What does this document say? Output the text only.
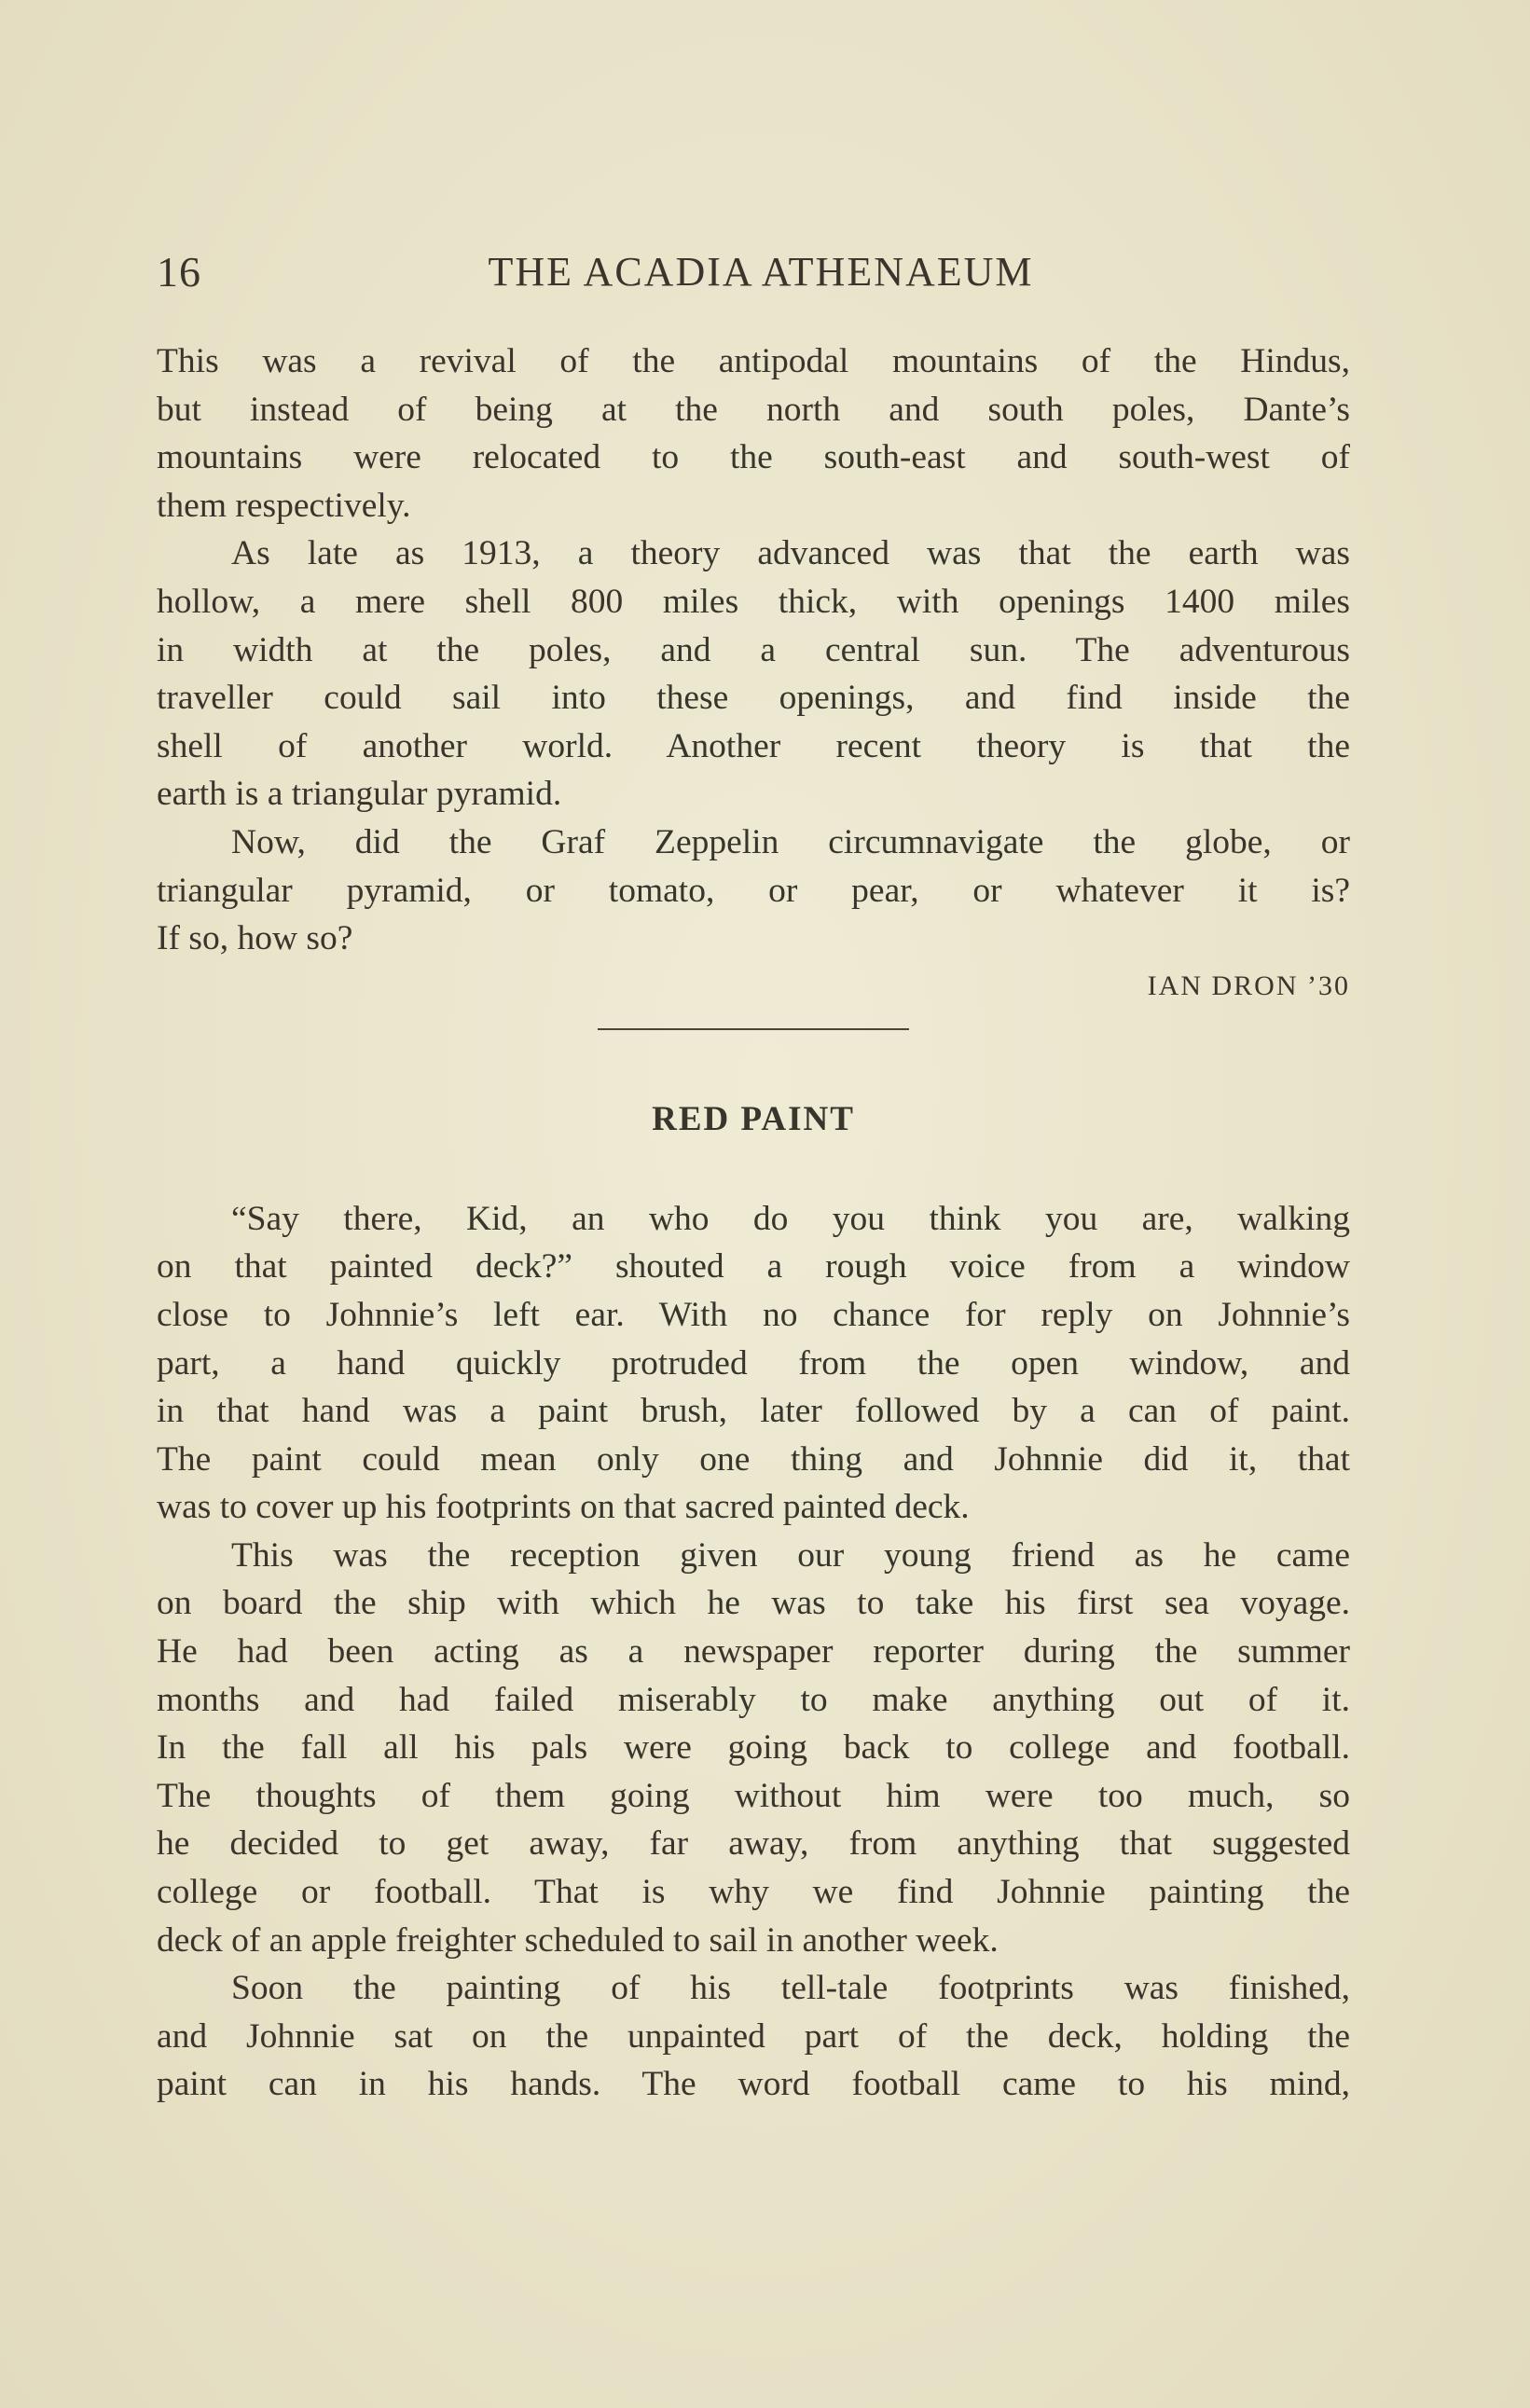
16	THE ACADIA ATHENAEUM
This was a revival of the antipodal mountains of the Hindus,
but instead of being at the north and south poles, Dante’s
mountains were relocated to the south-east and south-west of
them respectively.
As late as 1913, a theory advanced was that the earth was
hollow, a mere shell 800 miles thick, with openings 1400 miles
in width at the poles, and a central sun. The adventurous
traveller could sail into these openings, and find inside the
shell of another world. Another recent theory is that the
earth is a triangular pyramid.
Now, did the Graf Zeppelin circumnavigate the globe, or
triangular pyramid, or tomato, or pear, or whatever it is?
If so, how so?
IAN DRON ’30
RED PAINT
“Say there, Kid, an who do you think you are, walking
on that painted deck?” shouted a rough voice from a window
close to Johnnie’s left ear. With no chance for reply on Johnnie’s
part, a hand quickly protruded from the open window, and
in that hand was a paint brush, later followed by a can of paint.
The paint could mean only one thing and Johnnie did it, that
was to cover up his footprints on that sacred painted deck.
This was the reception given our young friend as he came
on board the ship with which he was to take his first sea voyage.
He had been acting as a newspaper reporter during the summer
months and had failed miserably to make anything out of it.
In the fall all his pals were going back to college and football.
The thoughts of them going without him were too much, so
he decided to get away, far away, from anything that suggested
college or football. That is why we find Johnnie painting the
deck of an apple freighter scheduled to sail in another week.
Soon the painting of his tell-tale footprints was finished,
and Johnnie sat on the unpainted part of the deck, holding the
paint can in his hands. The word football came to his mind,
